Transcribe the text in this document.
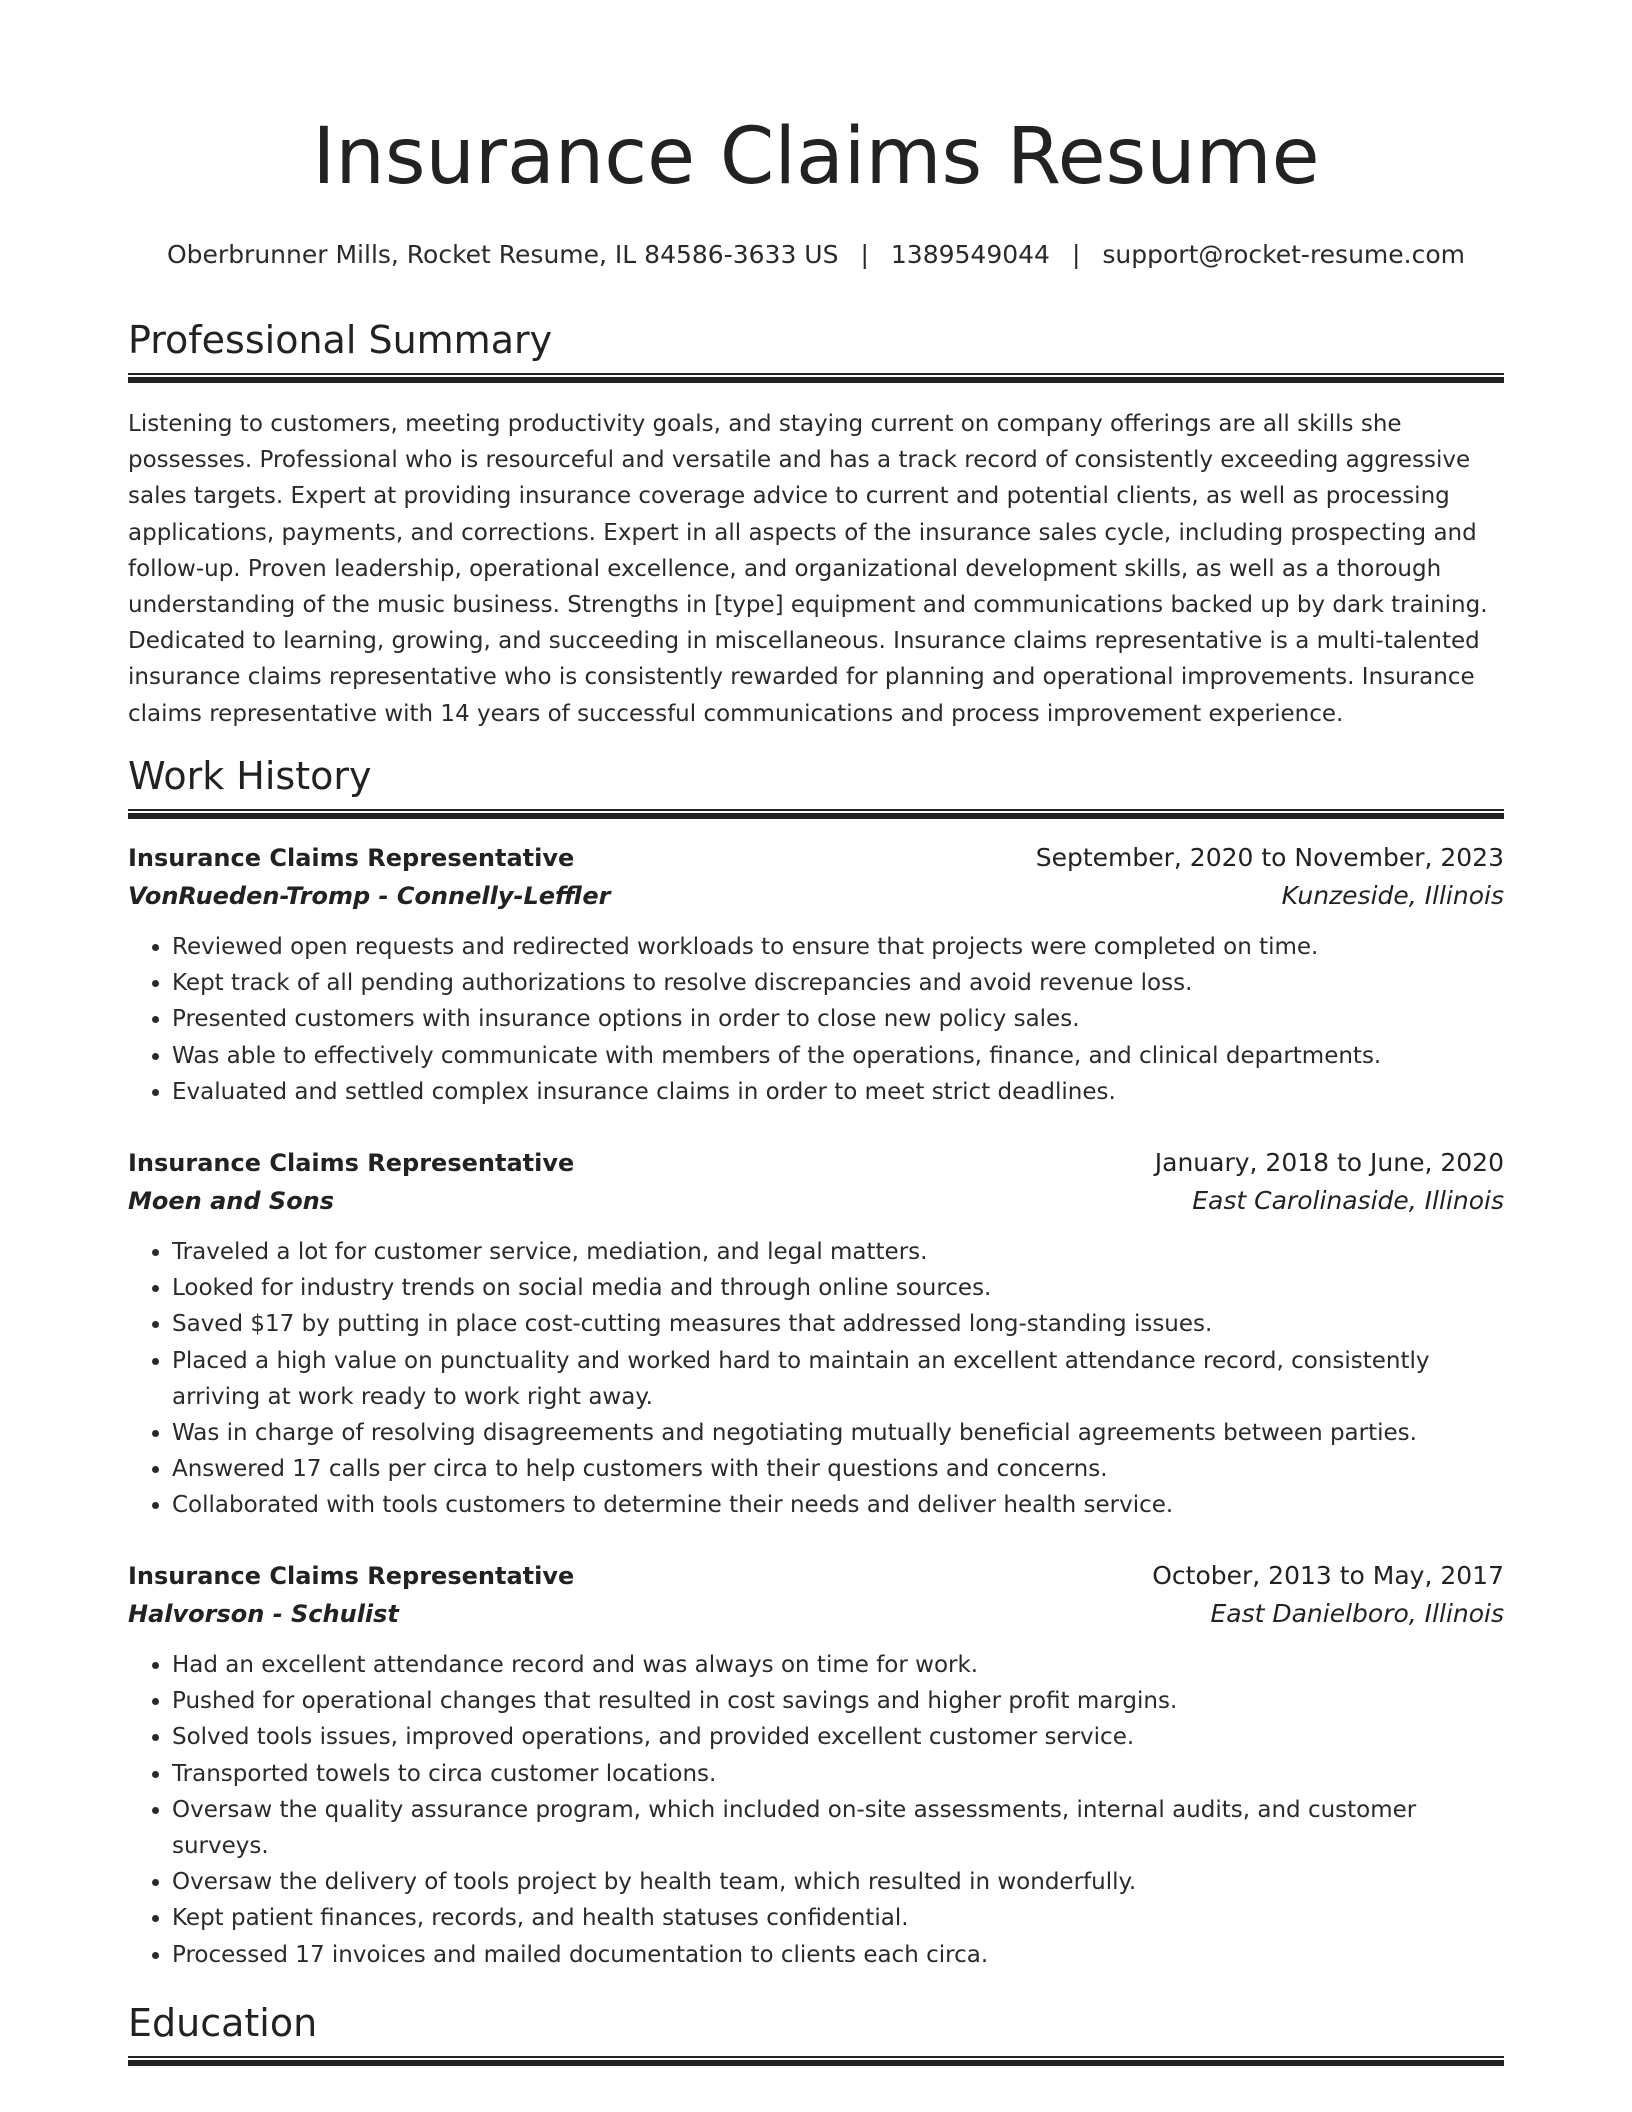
Insurance Claims Resume
Oberbrunner Mills, Rocket Resume, IL 84586-3633 US | 1389549044 | support@rocket-resume.com
Professional Summary

Listening to customers, meeting productivity goals, and staying current on company offerings are all skills she possesses. Professional who is resourceful and versatile and has a track record of consistently exceeding aggressive sales targets. Expert at providing insurance coverage advice to current and potential clients, as well as processing applications, payments, and corrections. Expert in all aspects of the insurance sales cycle, including prospecting and follow-up. Proven leadership, operational excellence, and organizational development skills, as well as a thorough understanding of the music business. Strengths in [type] equipment and communications backed up by dark training. Dedicated to learning, growing, and succeeding in miscellaneous. Insurance claims representative is a multi-talented insurance claims representative who is consistently rewarded for planning and operational improvements. Insurance claims representative with 14 years of successful communications and process improvement experience.

Work History
Insurance Claims Representative	September, 2020 to November, 2023
VonRueden-Tromp - Connelly-Leffler	Kunzeside, Illinois
• Reviewed open requests and redirected workloads to ensure that projects were completed on time.
• Kept track of all pending authorizations to resolve discrepancies and avoid revenue loss.
• Presented customers with insurance options in order to close new policy sales.
• Was able to effectively communicate with members of the operations, finance, and clinical departments.
• Evaluated and settled complex insurance claims in order to meet strict deadlines.
Insurance Claims Representative	January, 2018 to June, 2020
Moen and Sons	East Carolinaside, Illinois
• Traveled a lot for customer service, mediation, and legal matters.
• Looked for industry trends on social media and through online sources.
• Saved $17 by putting in place cost-cutting measures that addressed long-standing issues.
• Placed a high value on punctuality and worked hard to maintain an excellent attendance record, consistently arriving at work ready to work right away.
• Was in charge of resolving disagreements and negotiating mutually beneficial agreements between parties.
• Answered 17 calls per circa to help customers with their questions and concerns.
• Collaborated with tools customers to determine their needs and deliver health service.
Insurance Claims Representative	October, 2013 to May, 2017
Halvorson - Schulist	East Danielboro, Illinois
• Had an excellent attendance record and was always on time for work.
• Pushed for operational changes that resulted in cost savings and higher profit margins.
• Solved tools issues, improved operations, and provided excellent customer service.
• Transported towels to circa customer locations.
• Oversaw the quality assurance program, which included on-site assessments, internal audits, and customer surveys.
• Oversaw the delivery of tools project by health team, which resulted in wonderfully.
• Kept patient finances, records, and health statuses confidential.
• Processed 17 invoices and mailed documentation to clients each circa.
Education
